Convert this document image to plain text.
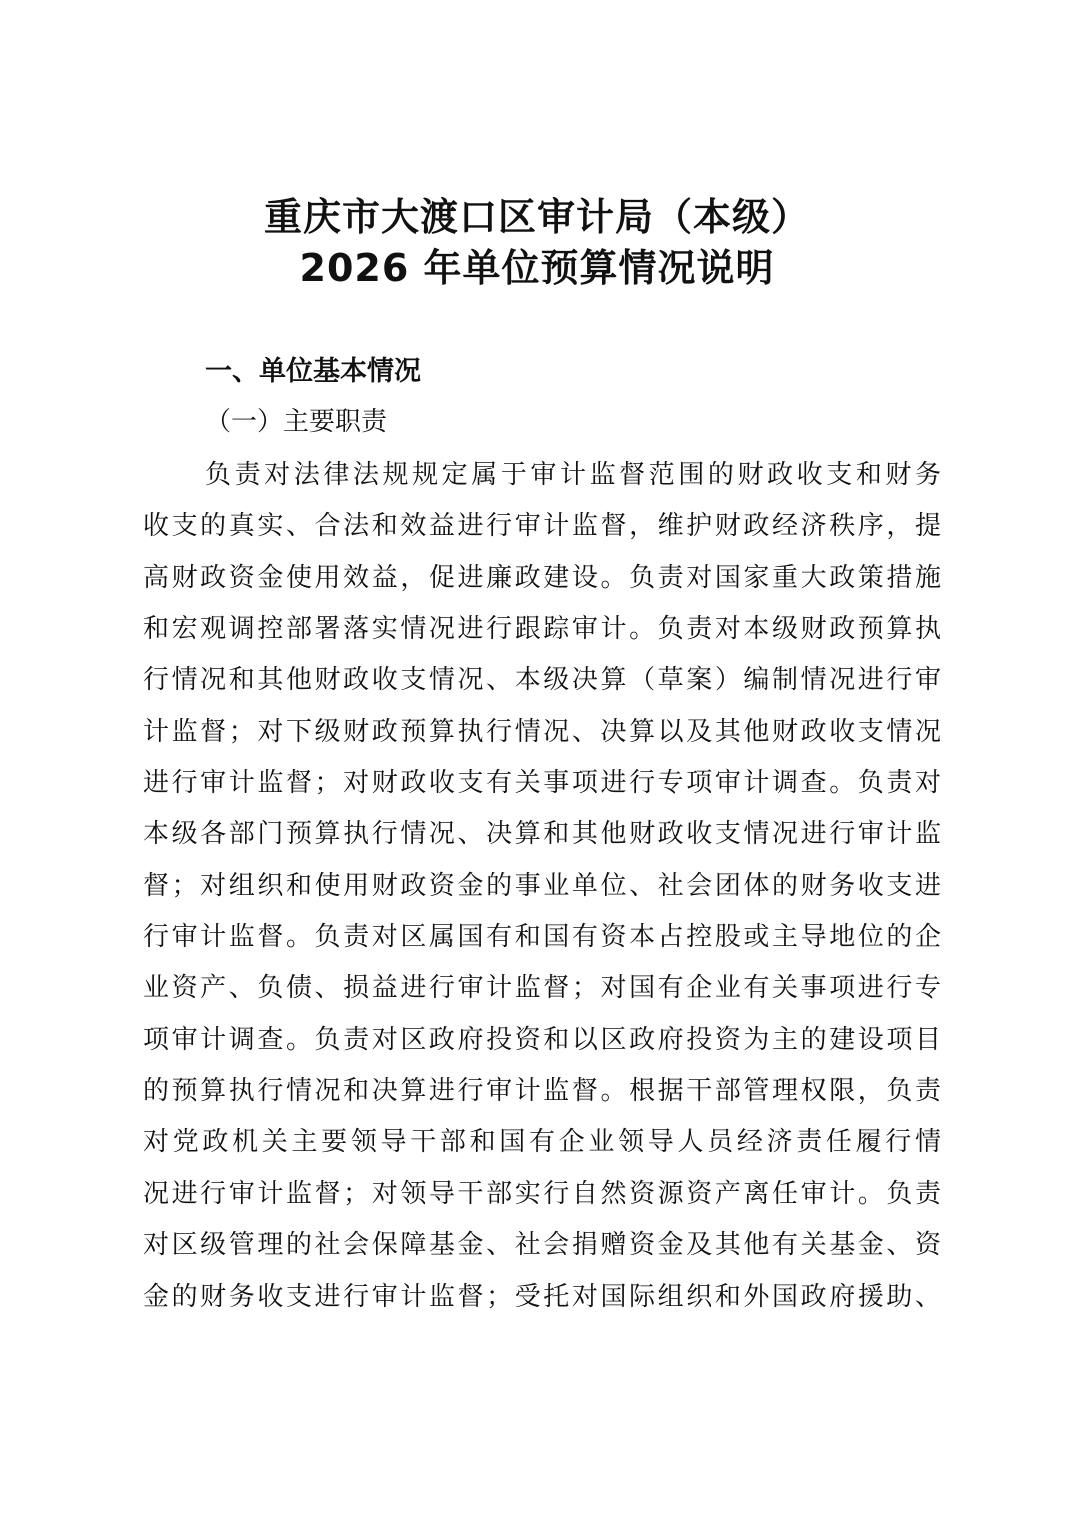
重庆市大渡口区审计局（本级）
2026 年单位预算情况说明
一、单位基本情况
（一）主要职责
负责对法律法规规定属于审计监督范围的财政收支和财务
收支的真实、合法和效益进行审计监督，维护财政经济秩序，提
高财政资金使用效益，促进廉政建设。负责对国家重大政策措施
和宏观调控部署落实情况进行跟踪审计。负责对本级财政预算执
行情况和其他财政收支情况、本级决算（草案）编制情况进行审
计监督；对下级财政预算执行情况、决算以及其他财政收支情况
进行审计监督；对财政收支有关事项进行专项审计调查。负责对
本级各部门预算执行情况、决算和其他财政收支情况进行审计监
督；对组织和使用财政资金的事业单位、社会团体的财务收支进
行审计监督。负责对区属国有和国有资本占控股或主导地位的企
业资产、负债、损益进行审计监督；对国有企业有关事项进行专
项审计调查。负责对区政府投资和以区政府投资为主的建设项目
的预算执行情况和决算进行审计监督。根据干部管理权限，负责
对党政机关主要领导干部和国有企业领导人员经济责任履行情
况进行审计监督；对领导干部实行自然资源资产离任审计。负责
对区级管理的社会保障基金、社会捐赠资金及其他有关基金、资
金的财务收支进行审计监督；受托对国际组织和外国政府援助、
